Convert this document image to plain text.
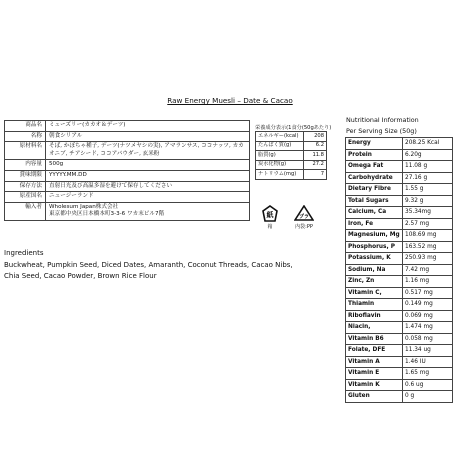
Raw Energy Muesli – Date & Cacao
商品名	ミューズリー(カカオ＆デーツ)
名称	朝食シリアル
原材料名	そば, かぼちゃ種子, デーツ(ナツメヤシの実), アマランサス, ココナッツ, カカオニブ, チアシード, ココアパウダー, 玄米粉
内容量	500g
賞味期限	YYYYY.MM.DD
保存方法	直射日光及び高温多湿を避けて保存してください
原産国名	ニュージーランド
輸入者	Wholesum Japan株式会社
東京都中央区日本橋本町3-3-6 ワカ末ビル7階
栄養成分表示(1食分(50gあたり)
エネルギー(kcal)	208
たんぱく質(g)	6.2
脂質(g)	11.8
炭水化物(g)	27.2
ナトリウム(mg)	7
紙
箱
プラ
内袋:PP
Ingredients
Buckwheat, Pumpkin Seed, Diced Dates, Amaranth, Coconut Threads, Cacao Nibs, Chia Seed, Cacao Powder, Brown Rice Flour
Nutritional Information
Per Serving Size (50g)
Energy	208.25 Kcal
Protein	6.20g
Omega Fat	11.08 g
Carbohydrate	27.16 g
Dietary Fibre	1.55 g
Total Sugars	9.32 g
Calcium, Ca	35.34mg
Iron, Fe	2.57 mg
Magnesium, Mg	108.69 mg
Phosphorus, P	163.52 mg
Potassium, K	250.93 mg
Sodium, Na	7.42 mg
Zinc, Zn	1.16 mg
Vitamin C,	0.517 mg
Thiamin	0.149 mg
Riboflavin	0.069 mg
Niacin,	1.474 mg
Vitamin B6	0.058 mg
Folate, DFE	11.34 ug
Vitamin A	1.46 IU
Vitamin E	1.65 mg
Vitamin K	0.6 ug
Gluten	0 g
